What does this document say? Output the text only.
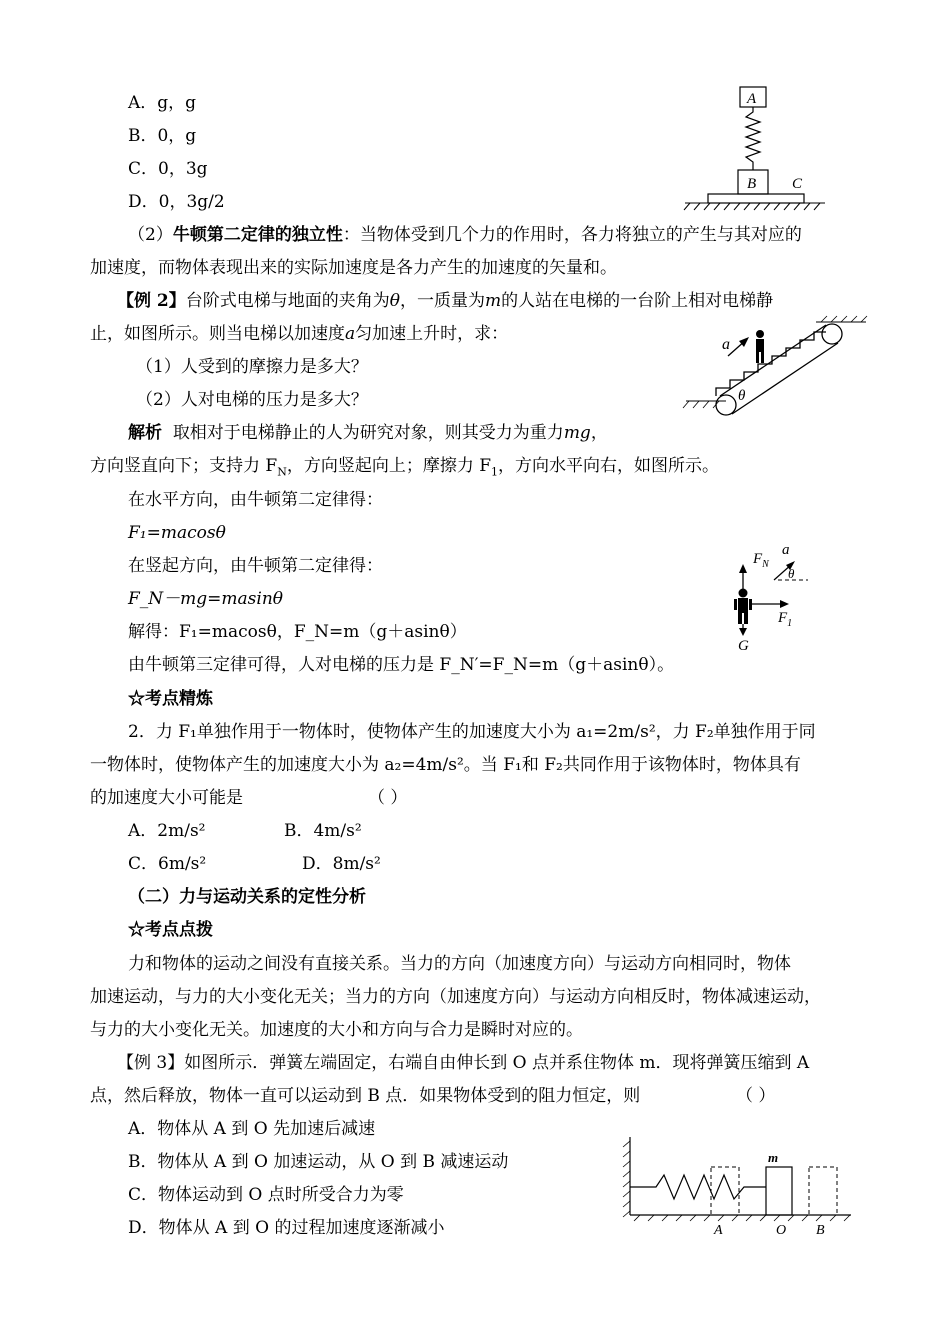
A．g，g
B．0，g
C．0，3g
D．0，3g/2
A
B C
（2）牛顿第二定律的独立性：当物体受到几个力的作用时，各力将独立的产生与其对应的
加速度，而物体表现出来的实际加速度是各力产生的加速度的矢量和。
【例 2】台阶式电梯与地面的夹角为θ，一质量为m的人站在电梯的一台阶上相对电梯静
止，如图所示。则当电梯以加速度a匀加速上升时，求：
（1）人受到的摩擦力是多大？
（2）人对电梯的压力是多大？
a
θ
解析 取相对于电梯静止的人为研究对象，则其受力为重力mg，
方向竖直向下；支持力 $F_N$，方向竖起向上；摩擦力 $F_1$，方向水平向右，如图所示。
在水平方向，由牛顿第二定律得：
F₁=macosθ
在竖起方向，由牛顿第二定律得：
F_N－mg=masinθ
解得：F₁=macosθ，F_N=m（g＋asinθ）
由牛顿第三定律可得，人对电梯的压力是 F_N′=F_N=m（g＋asinθ）。
$F_N$
a
θ
$F_1$
G
☆考点精炼
2．力 F₁单独作用于一物体时，使物体产生的加速度大小为 a₁=2m/s²，力 F₂单独作用于同
一物体时，使物体产生的加速度大小为 a₂=4m/s²。当 F₁和 F₂共同作用于该物体时，物体具有
的加速度大小可能是	（ ）
A．2m/s²	B．4m/s²
C．6m/s²	D．8m/s²
（二）力与运动关系的定性分析
☆考点点拨
力和物体的运动之间没有直接关系。当力的方向（加速度方向）与运动方向相同时，物体
加速运动，与力的大小变化无关；当力的方向（加速度方向）与运动方向相反时，物体减速运动，
与力的大小变化无关。加速度的大小和方向与合力是瞬时对应的。
【例 3】如图所示．弹簧左端固定，右端自由伸长到 O 点并系住物体 m．现将弹簧压缩到 A
点，然后释放，物体一直可以运动到 B 点．如果物体受到的阻力恒定，则	（ ）
A．物体从 A 到 O 先加速后减速
B．物体从 A 到 O 加速运动，从 O 到 B 减速运动
C．物体运动到 O 点时所受合力为零
D．物体从 A 到 O 的过程加速度逐渐减小
m
A	O B
